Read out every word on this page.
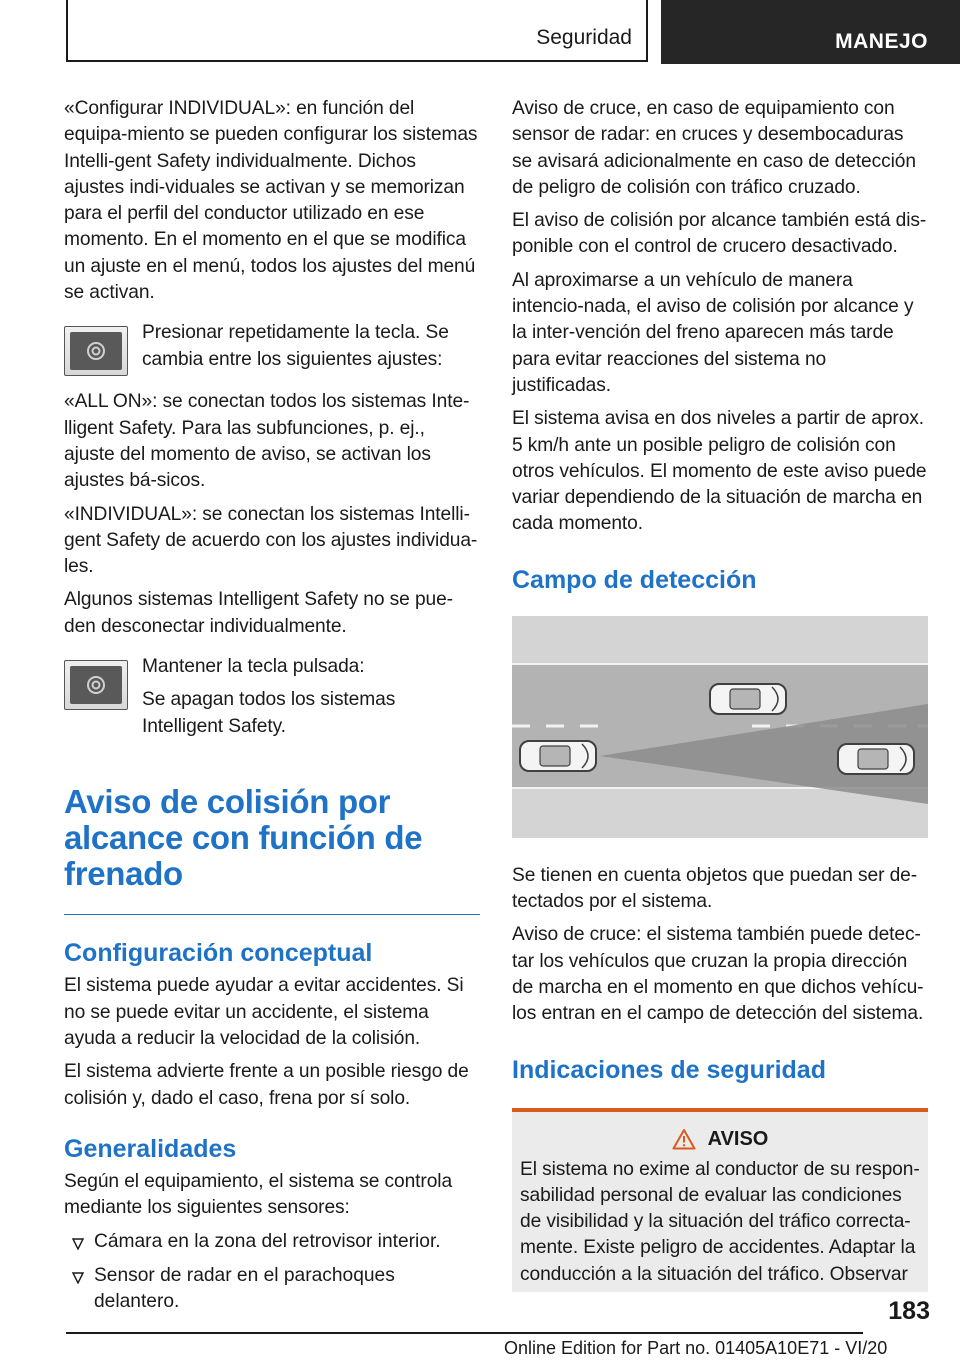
Seguridad	MANEJO

«Configurar INDIVIDUAL»: en función del equipa-miento se pueden configurar los sistemas Intelli-gent Safety individualmente. Dichos ajustes indi-viduales se activan y se memorizan para el perfil del conductor utilizado en ese momento. En el momento en el que se modifica un ajuste en el menú, todos los ajustes del menú se activan.

Presionar repetidamente la tecla. Se cambia entre los siguientes ajustes:

«ALL ON»: se conectan todos los sistemas Inte-lligent Safety. Para las subfunciones, p. ej., ajuste del momento de aviso, se activan los ajustes bá-sicos.

«INDIVIDUAL»: se conectan los sistemas Intelli-gent Safety de acuerdo con los ajustes individua-les.

Algunos sistemas Intelligent Safety no se pue-den desconectar individualmente.

Mantener la tecla pulsada:

Se apagan todos los sistemas Intelligent Safety.

Aviso de colisión por alcance con función de frenado
Configuración conceptual

El sistema puede ayudar a evitar accidentes. Si no se puede evitar un accidente, el sistema ayuda a reducir la velocidad de la colisión.

El sistema advierte frente a un posible riesgo de colisión y, dado el caso, frena por sí solo.

Generalidades

Según el equipamiento, el sistema se controla mediante los siguientes sensores:

Cámara en la zona del retrovisor interior.
Sensor de radar en el parachoques delantero.

Aviso de cruce, en caso de equipamiento con sensor de radar: en cruces y desembocaduras se avisará adicionalmente en caso de detección de peligro de colisión con tráfico cruzado.

El aviso de colisión por alcance también está dis-ponible con el control de crucero desactivado.

Al aproximarse a un vehículo de manera intencio-nada, el aviso de colisión por alcance y la inter-vención del freno aparecen más tarde para evitar reacciones del sistema no justificadas.

El sistema avisa en dos niveles a partir de aprox. 5 km/h ante un posible peligro de colisión con otros vehículos. El momento de este aviso puede variar dependiendo de la situación de marcha en cada momento.

Campo de detección

Se tienen en cuenta objetos que puedan ser de-tectados por el sistema.

Aviso de cruce: el sistema también puede detec-tar los vehículos que cruzan la propia dirección de marcha en el momento en que dichos vehícu-los entran en el campo de detección del sistema.

Indicaciones de seguridad
AVISO

El sistema no exime al conductor de su respon-sabilidad personal de evaluar las condiciones de visibilidad y la situación del tráfico correcta-mente. Existe peligro de accidentes. Adaptar la conducción a la situación del tráfico. Observar

183
Online Edition for Part no. 01405A10E71 - VI/20
